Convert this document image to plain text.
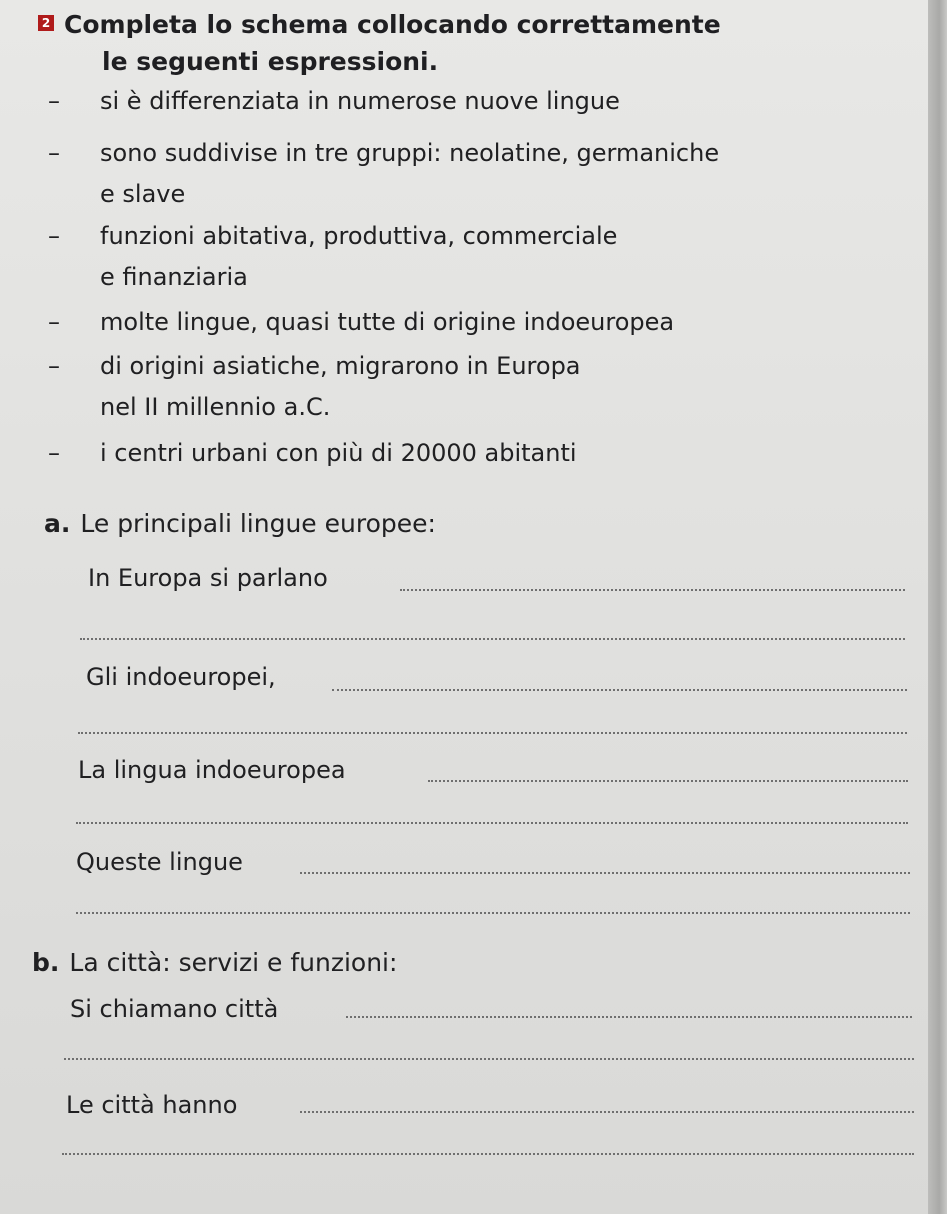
2 Completa lo schema collocando correttamente
le seguenti espressioni.
– si è differenziata in numerose nuove lingue
– sono suddivise in tre gruppi: neolatine, germaniche
e slave
– funzioni abitativa, produttiva, commerciale
e finanziaria
– molte lingue, quasi tutte di origine indoeuropea
– di origini asiatiche, migrarono in Europa
nel II millennio a.C.
– i centri urbani con più di 20000 abitanti
a. Le principali lingue europee:
In Europa si parlano
Gli indoeuropei,
La lingua indoeuropea
Queste lingue
b. La città: servizi e funzioni:
Si chiamano città
Le città hanno
